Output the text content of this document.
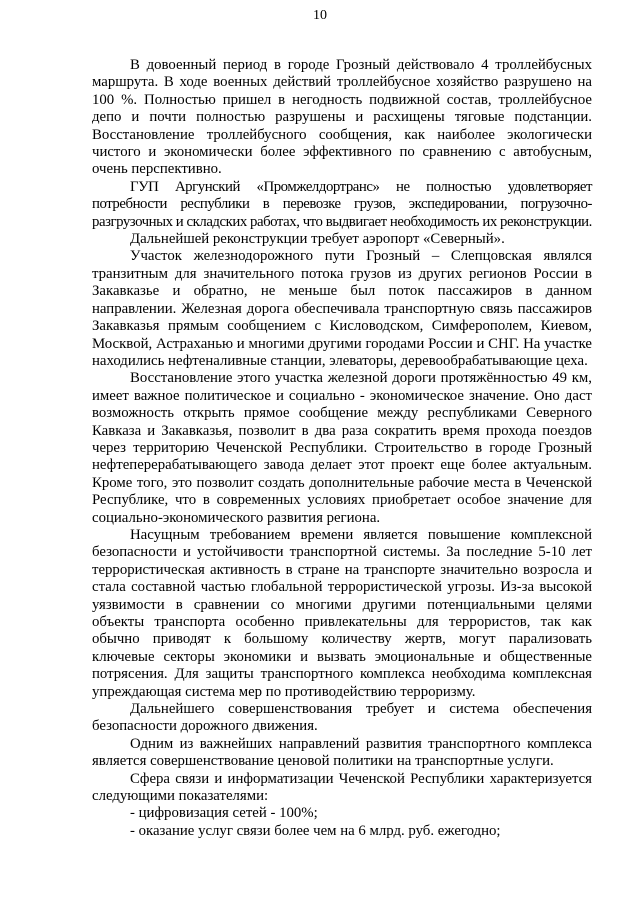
10

В довоенный период в городе Грозный действовало 4 троллейбусных маршрута. В ходе военных действий троллейбусное хозяйство разрушено на 100 %. Полностью пришел в негодность подвижной состав, троллейбусное депо и почти полностью разрушены и расхищены тяговые подстанции. Восстановление троллейбусного сообщения, как наиболее экологически чистого и экономически более эффективного по сравнению с автобусным, очень перспективно.

ГУП Аргунский «Промжелдортранс» не полностью удовлетворяет потребности республики в перевозке грузов, экспедировании, погрузочно-разгрузочных и складских работах, что выдвигает необходимость их реконструкции.

Дальнейшей реконструкции требует аэропорт «Северный».

Участок железнодорожного пути Грозный – Слепцовская являлся транзитным для значительного потока грузов из других регионов России в Закавказье и обратно, не меньше был поток пассажиров в данном направлении. Железная дорога обеспечивала транспортную связь пассажиров Закавказья прямым сообщением с Кисловодском, Симферополем, Киевом, Москвой, Астраханью и многими другими городами России и СНГ. На участке находились нефтеналивные станции, элеваторы, деревообрабатывающие цеха.

Восстановление этого участка железной дороги протяжённостью 49 км, имеет важное политическое и социально - экономическое значение. Оно даст возможность открыть прямое сообщение между республиками Северного Кавказа и Закавказья, позволит в два раза сократить время прохода поездов через территорию Чеченской Республики. Строительство в городе Грозный нефтеперерабатывающего завода делает этот проект еще более актуальным. Кроме того, это позволит создать дополнительные рабочие места в Чеченской Республике, что в современных условиях приобретает особое значение для социально-экономического развития региона.

Насущным требованием времени является повышение комплексной безопасности и устойчивости транспортной системы. За последние 5-10 лет террористическая активность в стране на транспорте значительно возросла и стала составной частью глобальной террористической угрозы. Из-за высокой уязвимости в сравнении со многими другими потенциальными целями объекты транспорта особенно привлекательны для террористов, так как обычно приводят к большому количеству жертв, могут парализовать ключевые секторы экономики и вызвать эмоциональные и общественные потрясения. Для защиты транспортного комплекса необходима комплексная упреждающая система мер по противодействию терроризму.

Дальнейшего совершенствования требует и система обеспечения безопасности дорожного движения.

Одним из важнейших направлений развития транспортного комплекса является совершенствование ценовой политики на транспортные услуги.

Сфера связи и информатизации Чеченской Республики характеризуется следующими показателями:

- цифровизация сетей - 100%;

- оказание услуг связи более чем на 6 млрд. руб. ежегодно;
